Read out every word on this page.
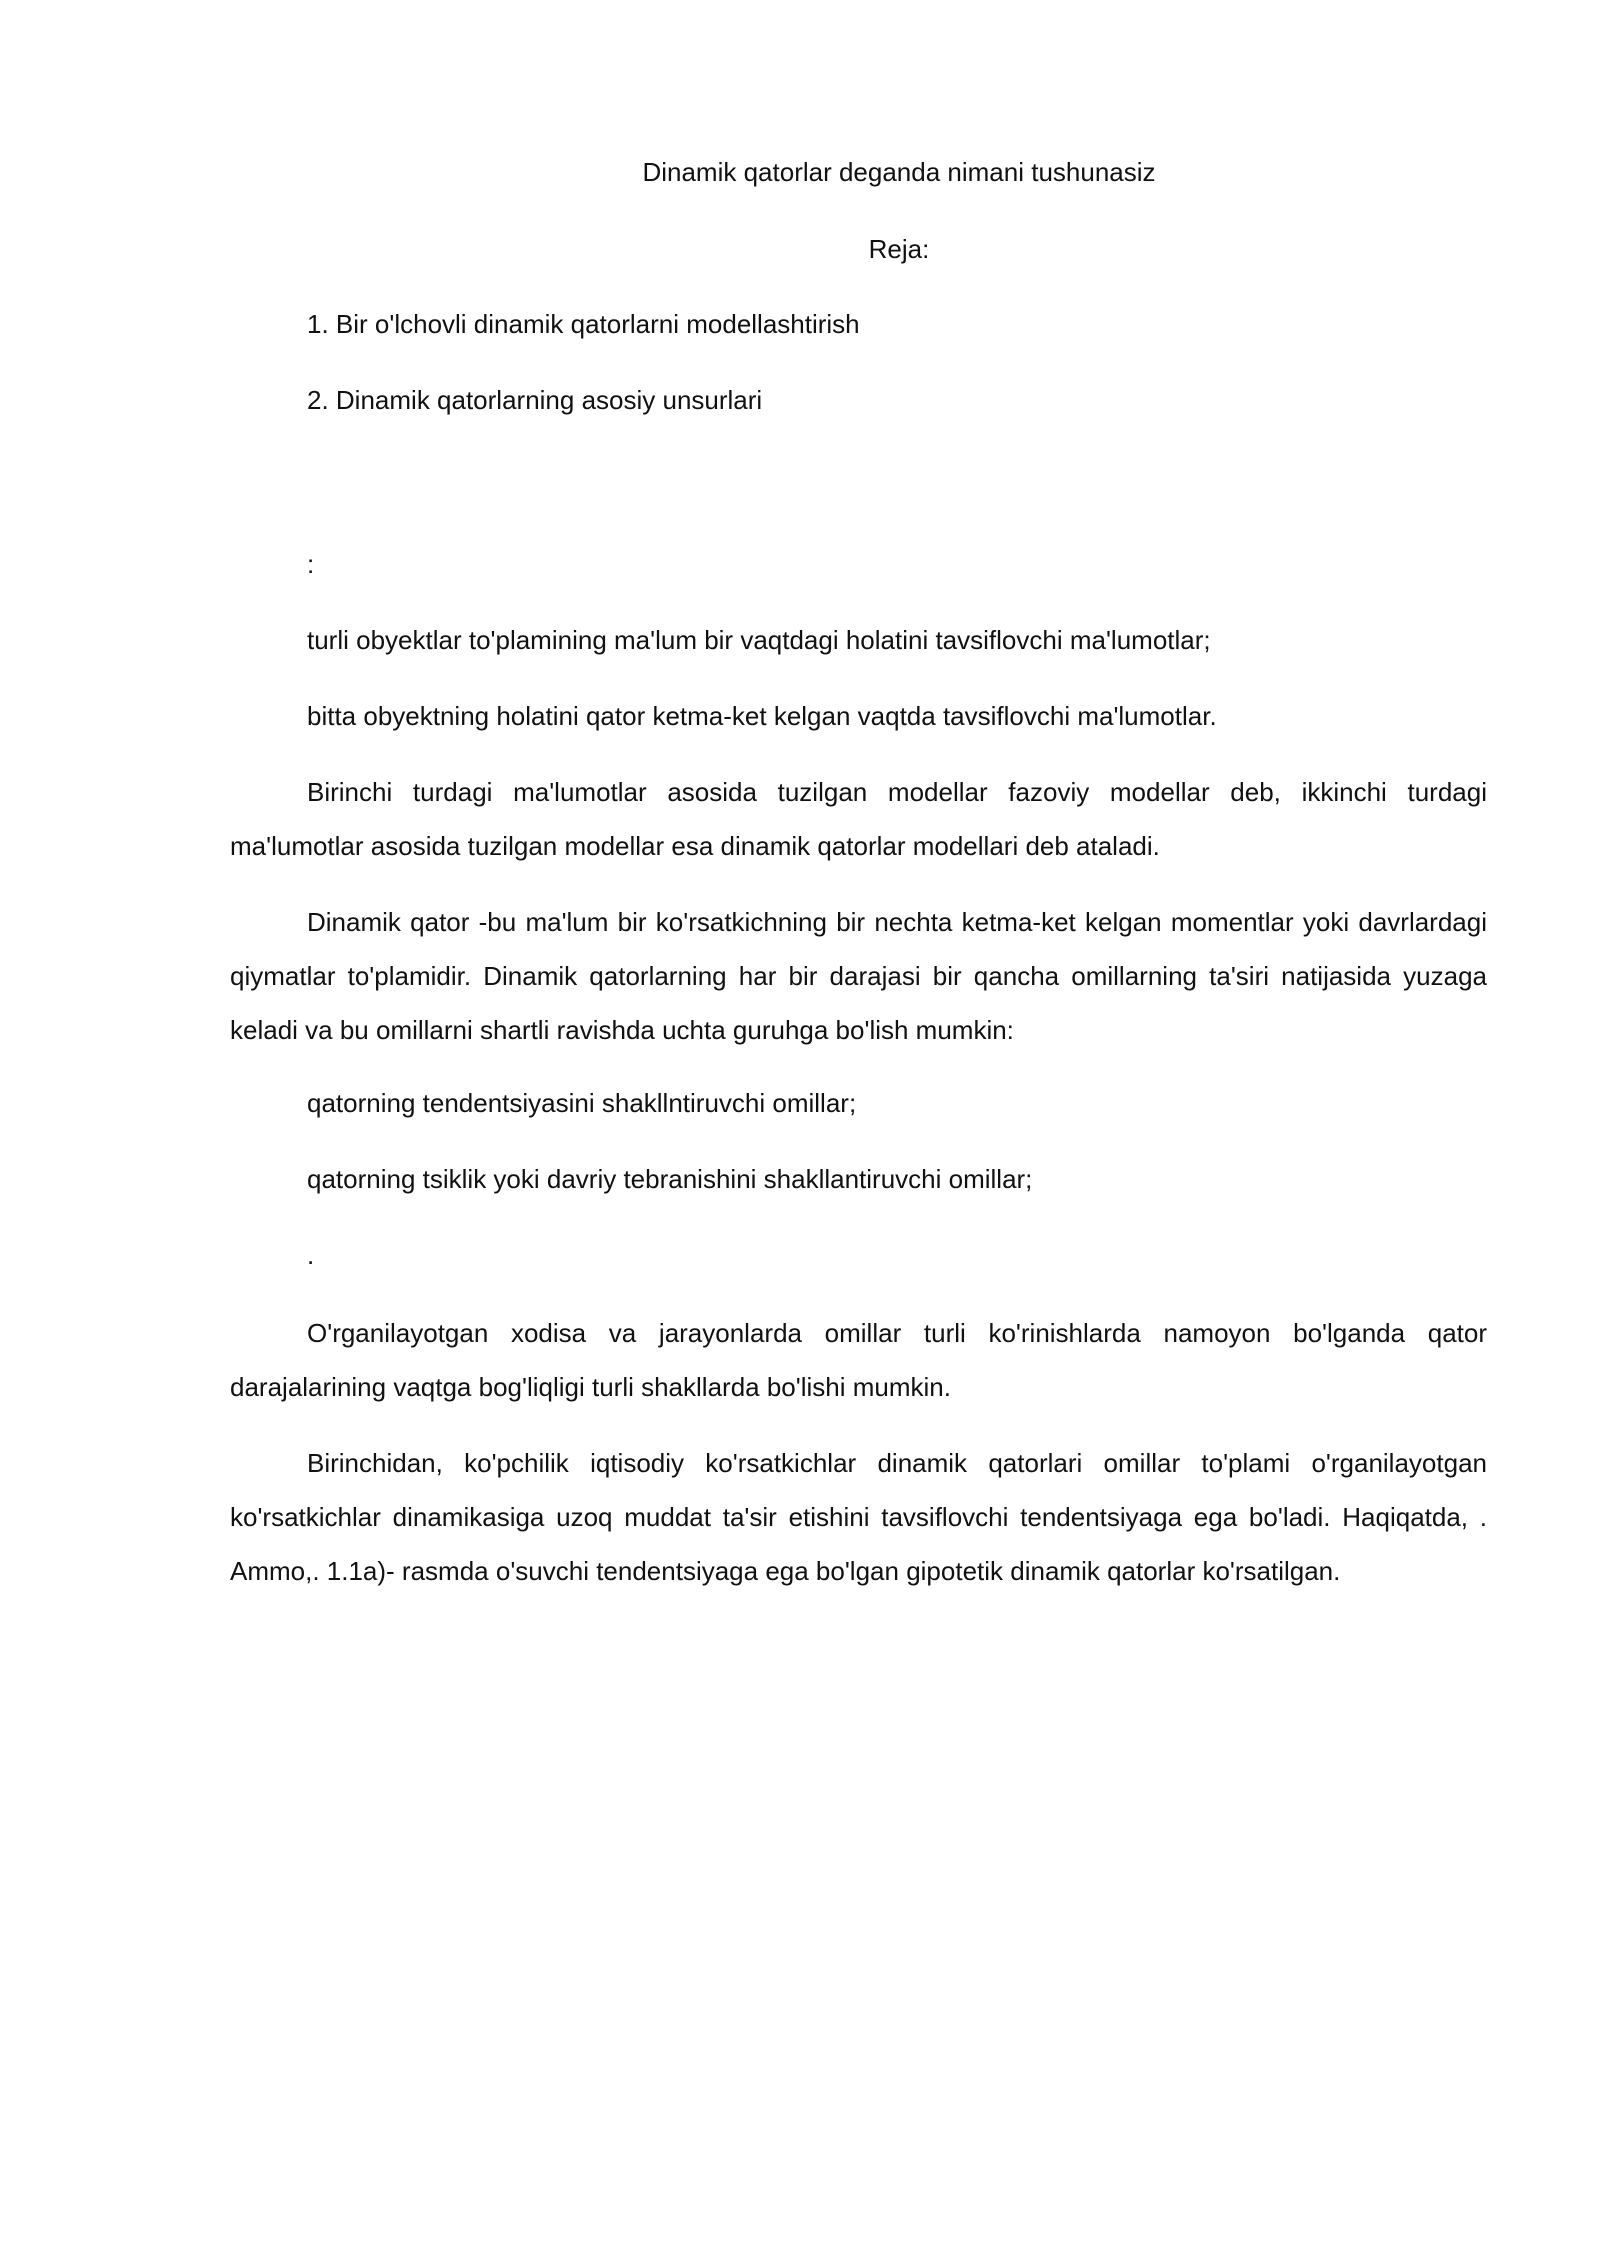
Dinamik qatorlar deganda nimani tushunasiz
Reja:
1. Bir o'lchovli dinamik qatorlarni modellashtirish
2. Dinamik qatorlarning asosiy unsurlari
:
turli obyektlar to'plamining ma'lum bir vaqtdagi holatini tavsiflovchi ma'lumotlar;
bitta obyektning holatini qator ketma-ket kelgan vaqtda tavsiflovchi ma'lumotlar.

Birinchi turdagi ma'lumotlar asosida tuzilgan modellar fazoviy modellar deb, ikkinchi turdagi ma'lumotlar asosida tuzilgan modellar esa dinamik qatorlar modellari deb ataladi.

Dinamik qator -bu ma'lum bir ko'rsatkichning bir nechta ketma-ket kelgan momentlar yoki davrlardagi qiymatlar to'plamidir. Dinamik qatorlarning har bir darajasi bir qancha omillarning ta'siri natijasida yuzaga keladi va bu omillarni shartli ravishda uchta guruhga bo'lish mumkin:

qatorning tendentsiyasini shakllntiruvchi omillar;
qatorning tsiklik yoki davriy tebranishini shakllantiruvchi omillar;
.

O'rganilayotgan xodisa va jarayonlarda omillar turli ko'rinishlarda namoyon bo'lganda qator darajalarining vaqtga bog'liqligi turli shakllarda bo'lishi mumkin.

Birinchidan, ko'pchilik iqtisodiy ko'rsatkichlar dinamik qatorlari omillar to'plami o'rganilayotgan ko'rsatkichlar dinamikasiga uzoq muddat ta'sir etishini tavsiflovchi tendentsiyaga ega bo'ladi. Haqiqatda, . Ammo,. 1.1a)- rasmda o'suvchi tendentsiyaga ega bo'lgan gipotetik dinamik qatorlar ko'rsatilgan.
